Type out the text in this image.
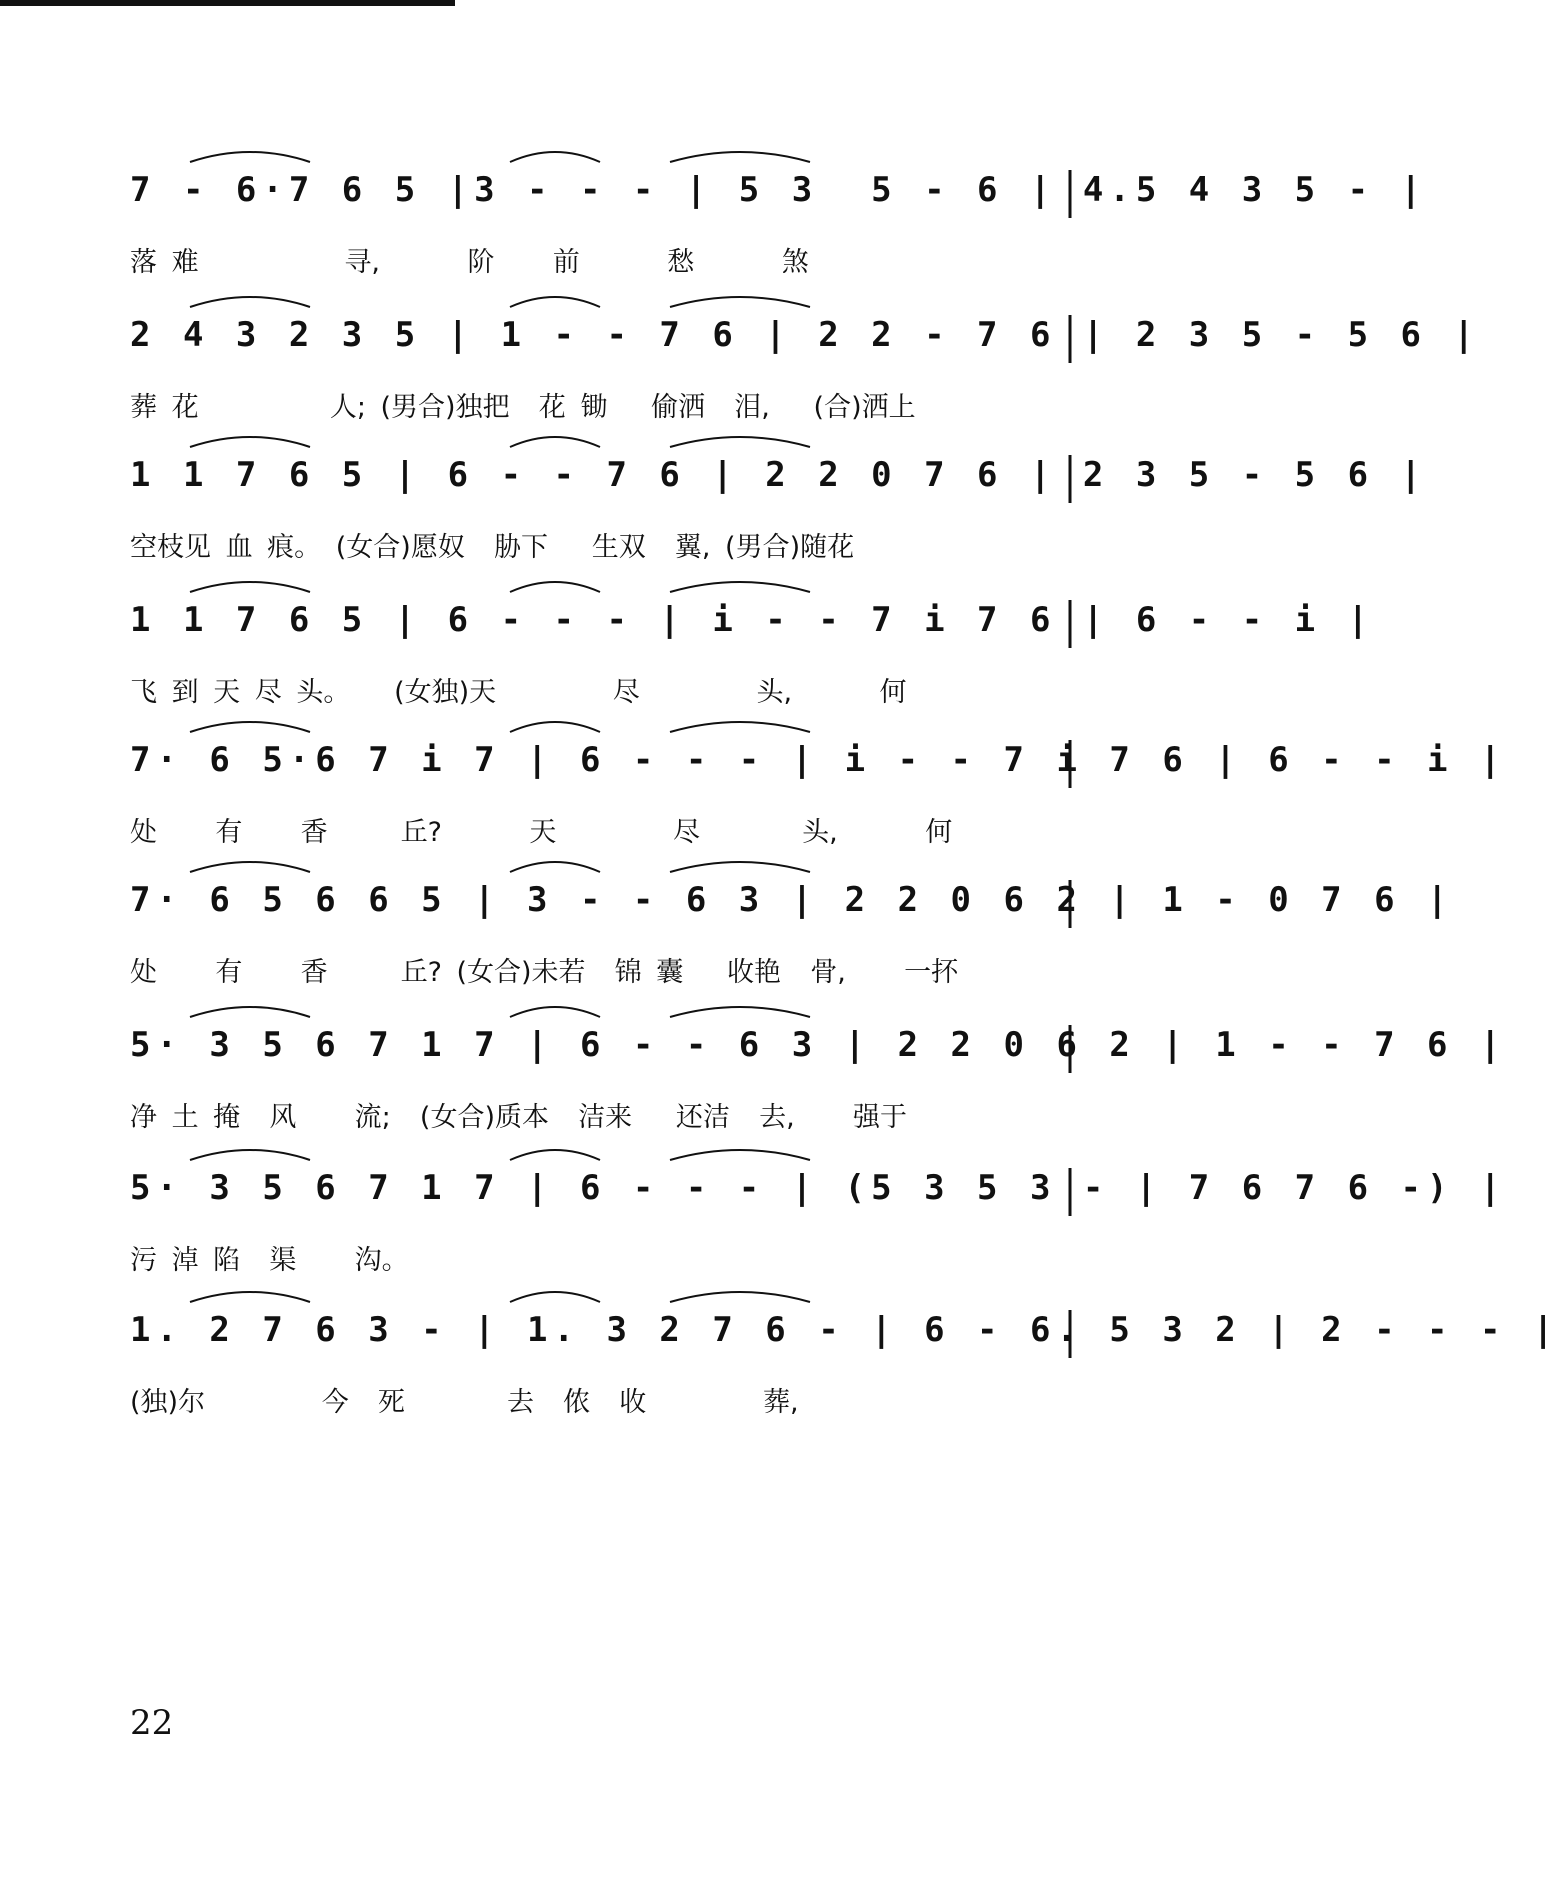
7 - 6·7 6 5 |3 - - - | 5 3  5 - 6 | 4.5 4 3 5 - |
落 难          寻,      阶    前      愁      煞
2 4 3 2 3 5 | 1 - - 7 6 | 2 2 - 7 6 | 2 3 5 - 5 6 |
葬 花         人; (男合)独把  花 锄   偷洒  泪,   (合)洒上
1 1 7 6 5 | 6 - - 7 6 | 2 2 0 7 6 | 2 3 5 - 5 6 |
空枝见 血 痕。 (女合)愿奴  胁下   生双  翼, (男合)随花
1 1 7 6 5 | 6 - - - | i - - 7 i 7 6 | 6 - - i |
飞 到 天 尽 头。   (女独)天        尽        头,      何
7· 6 5·6 7 i 7 | 6 - - - | i - - 7 i 7 6 | 6 - - i |
处    有    香     丘?      天        尽       头,      何
7· 6 5 6 6 5 | 3 - - 6 3 | 2 2 0 6 2 | 1 - 0 7 6 |
处    有    香     丘? (女合)未若  锦 囊   收艳  骨,    一抔
5· 3 5 6 7 1 7 | 6 - - 6 3 | 2 2 0 6 2 | 1 - - 7 6 |
净 土 掩  风    流;  (女合)质本  洁来   还洁  去,    强于
5· 3 5 6 7 1 7 | 6 - - - | (5 3 5 3 - | 7 6 7 6 -) |
污 淖 陷  渠    沟。
1. 2 7 6 3 - | 1. 3 2 7 6 - | 6 - 6. 5 3 2 | 2 - - - |
(独)尔        今  死       去  侬  收        葬,
22
